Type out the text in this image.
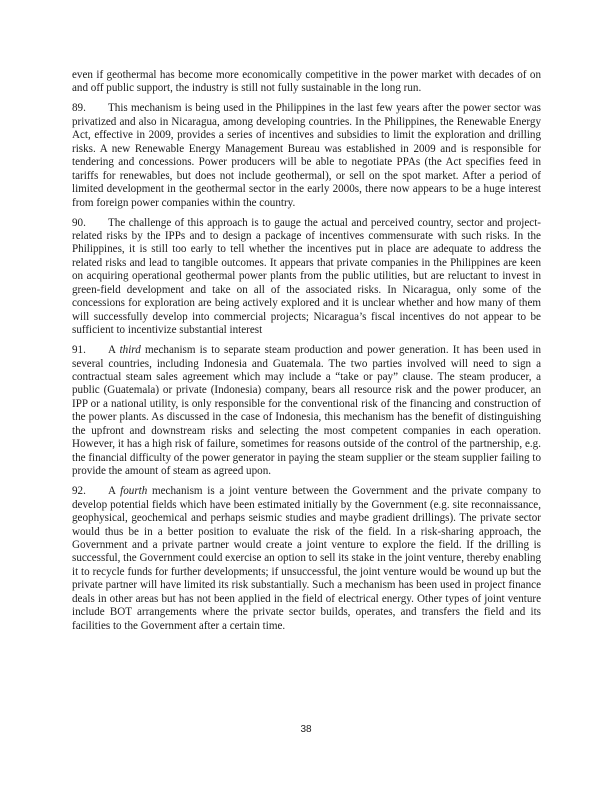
even if geothermal has become more economically competitive in the power market with decades of on and off public support, the industry is still not fully sustainable in the long run.

89. This mechanism is being used in the Philippines in the last few years after the power sector was privatized and also in Nicaragua, among developing countries. In the Philippines, the Renewable Energy Act, effective in 2009, provides a series of incentives and subsidies to limit the exploration and drilling risks. A new Renewable Energy Management Bureau was established in 2009 and is responsible for tendering and concessions. Power producers will be able to negotiate PPAs (the Act specifies feed in tariffs for renewables, but does not include geothermal), or sell on the spot market. After a period of limited development in the geothermal sector in the early 2000s, there now appears to be a huge interest from foreign power companies within the country.

90. The challenge of this approach is to gauge the actual and perceived country, sector and project-related risks by the IPPs and to design a package of incentives commensurate with such risks. In the Philippines, it is still too early to tell whether the incentives put in place are adequate to address the related risks and lead to tangible outcomes. It appears that private companies in the Philippines are keen on acquiring operational geothermal power plants from the public utilities, but are reluctant to invest in green-field development and take on all of the associated risks. In Nicaragua, only some of the concessions for exploration are being actively explored and it is unclear whether and how many of them will successfully develop into commercial projects; Nicaragua’s fiscal incentives do not appear to be sufficient to incentivize substantial interest

91. A third mechanism is to separate steam production and power generation. It has been used in several countries, including Indonesia and Guatemala. The two parties involved will need to sign a contractual steam sales agreement which may include a “take or pay” clause. The steam producer, a public (Guatemala) or private (Indonesia) company, bears all resource risk and the power producer, an IPP or a national utility, is only responsible for the conventional risk of the financing and construction of the power plants. As discussed in the case of Indonesia, this mechanism has the benefit of distinguishing the upfront and downstream risks and selecting the most competent companies in each operation. However, it has a high risk of failure, sometimes for reasons outside of the control of the partnership, e.g. the financial difficulty of the power generator in paying the steam supplier or the steam supplier failing to provide the amount of steam as agreed upon.

92. A fourth mechanism is a joint venture between the Government and the private company to develop potential fields which have been estimated initially by the Government (e.g. site reconnaissance, geophysical, geochemical and perhaps seismic studies and maybe gradient drillings). The private sector would thus be in a better position to evaluate the risk of the field. In a risk-sharing approach, the Government and a private partner would create a joint venture to explore the field. If the drilling is successful, the Government could exercise an option to sell its stake in the joint venture, thereby enabling it to recycle funds for further developments; if unsuccessful, the joint venture would be wound up but the private partner will have limited its risk substantially. Such a mechanism has been used in project finance deals in other areas but has not been applied in the field of electrical energy. Other types of joint venture include BOT arrangements where the private sector builds, operates, and transfers the field and its facilities to the Government after a certain time.

38
